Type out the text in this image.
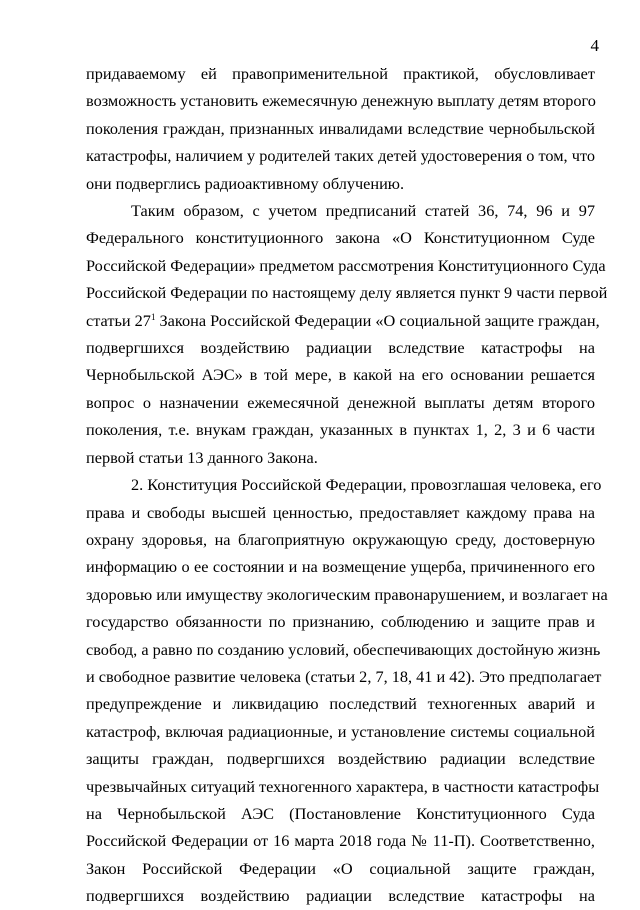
4

придаваемому ей правоприменительной практикой, обусловливает
возможность установить ежемесячную денежную выплату детям второго
поколения граждан, признанных инвалидами вследствие чернобыльской
катастрофы, наличием у родителей таких детей удостоверения о том, что
они подверглись радиоактивному облучению.

Таким образом, с учетом предписаний статей 36, 74, 96 и 97
Федерального конституционного закона «О Конституционном Суде
Российской Федерации» предметом рассмотрения Конституционного Суда
Российской Федерации по настоящему делу является пункт 9 части первой
статьи $27^1$ Закона Российской Федерации «О социальной защите граждан,
подвергшихся воздействию радиации вследствие катастрофы на
Чернобыльской АЭС» в той мере, в какой на его основании решается
вопрос о назначении ежемесячной денежной выплаты детям второго
поколения, т.е. внукам граждан, указанных в пунктах 1, 2, 3 и 6 части
первой статьи 13 данного Закона.

2. Конституция Российской Федерации, провозглашая человека, его
права и свободы высшей ценностью, предоставляет каждому права на
охрану здоровья, на благоприятную окружающую среду, достоверную
информацию о ее состоянии и на возмещение ущерба, причиненного его
здоровью или имуществу экологическим правонарушением, и возлагает на
государство обязанности по признанию, соблюдению и защите прав и
свобод, а равно по созданию условий, обеспечивающих достойную жизнь
и свободное развитие человека (статьи 2, 7, 18, 41 и 42). Это предполагает
предупреждение и ликвидацию последствий техногенных аварий и
катастроф, включая радиационные, и установление системы социальной
защиты граждан, подвергшихся воздействию радиации вследствие
чрезвычайных ситуаций техногенного характера, в частности катастрофы
на Чернобыльской АЭС (Постановление Конституционного Суда
Российской Федерации от 16 марта 2018 года № 11-П). Соответственно,
Закон Российской Федерации «О социальной защите граждан,
подвергшихся воздействию радиации вследствие катастрофы на
